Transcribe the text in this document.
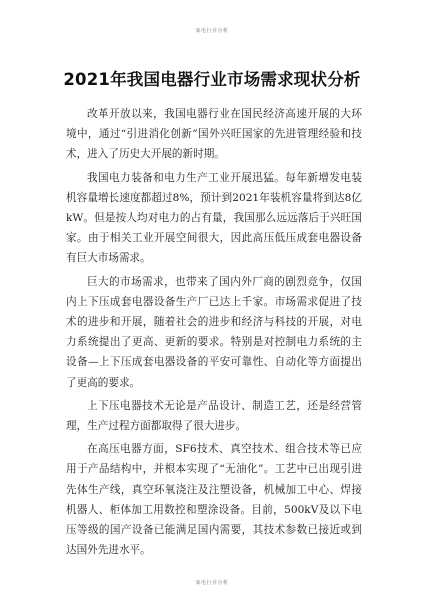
家电行业分析
2021年我国电器行业市场需求现状分析

改革开放以来，我国电器行业在国民经济高速开展的大环境中，通过“引进消化创新”国外兴旺国家的先进管理经验和技术，进入了历史大开展的新时期。

我国电力装备和电力生产工业开展迅猛。每年新增发电装机容量增长速度都超过8%，预计到2021年装机容量将到达8亿kW。但是按人均对电力的占有量，我国那么远远落后于兴旺国家。由于相关工业开展空间很大，因此高压低压成套电器设备有巨大市场需求。

巨大的市场需求，也带来了国内外厂商的剧烈竞争，仅国内上下压成套电器设备生产厂已达上千家。市场需求促进了技术的进步和开展，随着社会的进步和经济与科技的开展，对电力系统提出了更高、更新的要求。特别是对控制电力系统的主设备—上下压成套电器设备的平安可靠性、自动化等方面提出了更高的要求。

上下压电器技术无论是产品设计、制造工艺，还是经营管理，生产过程方面都取得了很大进步。

在高压电器方面，SF6技术、真空技术、组合技术等已应用于产品结构中，并根本实现了“无油化”。工艺中已出现引进先体生产线，真空环氧浇注及注塑设备，机械加工中心、焊接机器人、柜体加工用数控和塑涂设备。目前，500kV及以下电压等级的国产设备已能满足国内需要，其技术参数已接近或到达国外先进水平。

家电行业分析
